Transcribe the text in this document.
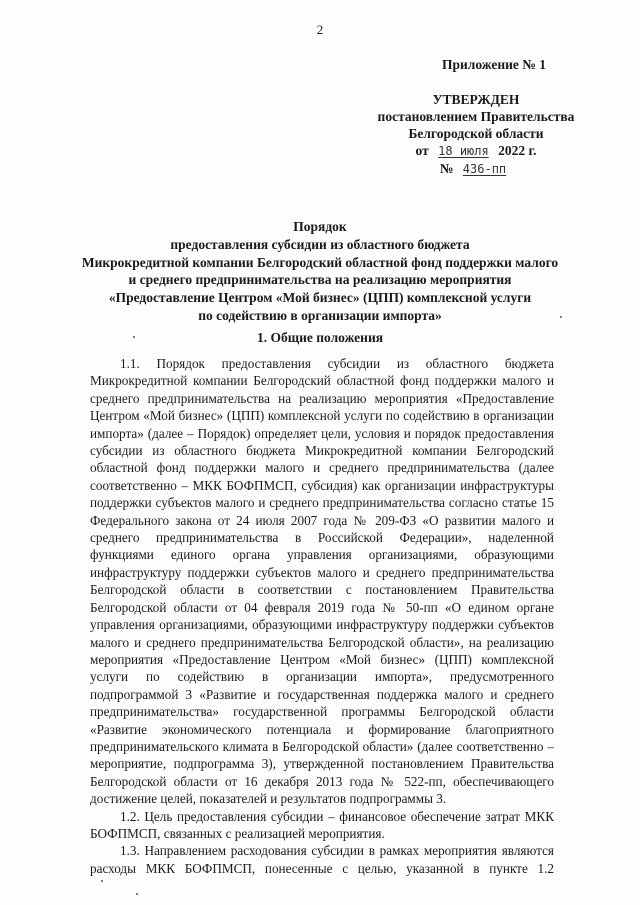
2
Приложение № 1
УТВЕРЖДЕН
постановлением Правительства
Белгородской области
от 18 июля 2022 г.
№ 436-пп
Порядок
предоставления субсидии из областного бюджета
Микрокредитной компании Белгородский областной фонд поддержки малого
и среднего предпринимательства на реализацию мероприятия
«Предоставление Центром «Мой бизнес» (ЦПП) комплексной услуги
по содействию в организации импорта»
1. Общие положения

1.1. Порядок предоставления субсидии из областного бюджета Микрокредитной компании Белгородский областной фонд поддержки малого и среднего предпринимательства на реализацию мероприятия «Предоставление Центром «Мой бизнес» (ЦПП) комплексной услуги по содействию в организации импорта» (далее – Порядок) определяет цели, условия и порядок предоставления субсидии из областного бюджета Микрокредитной компании Белгородский областной фонд поддержки малого и среднего предпринимательства (далее соответственно – МКК БОФПМСП, субсидия) как организации инфраструктуры поддержки субъектов малого и среднего предпринимательства согласно статье 15 Федерального закона от 24 июля 2007 года № 209-ФЗ «О развитии малого и среднего предпринимательства в Российской Федерации», наделенной функциями единого органа управления организациями, образующими инфраструктуру поддержки субъектов малого и среднего предпринимательства Белгородской области в соответствии с постановлением Правительства Белгородской области от 04 февраля 2019 года № 50-пп «О едином органе управления организациями, образующими инфраструктуру поддержки субъектов малого и среднего предпринимательства Белгородской области», на реализацию мероприятия «Предоставление Центром «Мой бизнес» (ЦПП) комплексной услуги по содействию в организации импорта», предусмотренного подпрограммой 3 «Развитие и государственная поддержка малого и среднего предпринимательства» государственной программы Белгородской области «Развитие экономического потенциала и формирование благоприятного предпринимательского климата в Белгородской области» (далее соответственно – мероприятие, подпрограмма 3), утвержденной постановлением Правительства Белгородской области от 16 декабря 2013 года № 522-пп, обеспечивающего достижение целей, показателей и результатов подпрограммы 3.

1.2. Цель предоставления субсидии – финансовое обеспечение затрат МКК БОФПМСП, связанных с реализацией мероприятия.

1.3. Направлением расходования субсидии в рамках мероприятия являются расходы МКК БОФПМСП, понесенные с целью, указанной в пункте 1.2
